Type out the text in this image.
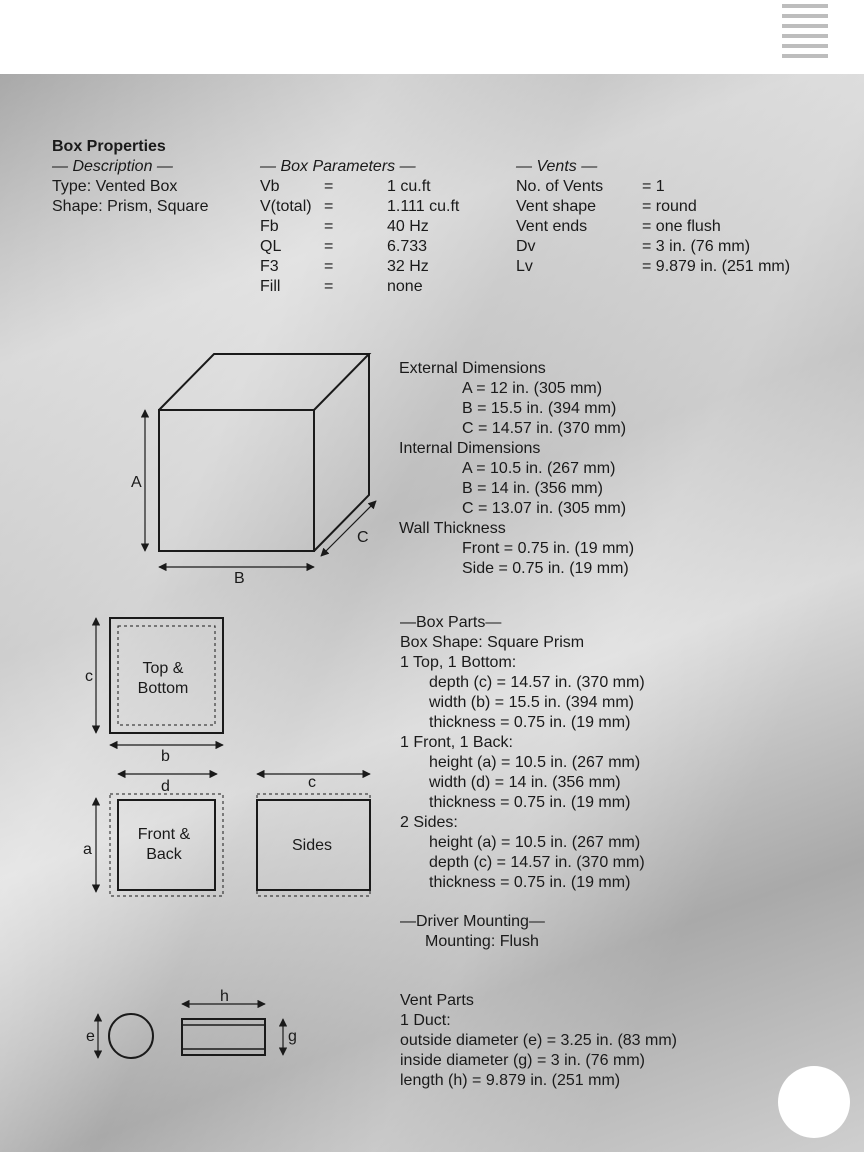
Box Properties
— Description —
Type: Vented Box
Shape: Prism, Square
— Box Parameters —
Vb	=	1 cu.ft
V(total) =	1.111 cu.ft
Fb	=	40 Hz
QL	=	6.733
F3	=	32 Hz
Fill	=	none
— Vents —
No. of Vents = 1
Vent shape	= round
Vent ends	= one flush
Dv	= 3 in. (76 mm)
Lv	= 9.879 in. (251 mm)
A
B
C
c
b
Top &
Bottom
d
a
Front &
Back
c
Sides
e
h
g
External Dimensions
A = 12 in. (305 mm)
B = 15.5 in. (394 mm)
C = 14.57 in. (370 mm)
Internal Dimensions
A = 10.5 in. (267 mm)
B = 14 in. (356 mm)
C = 13.07 in. (305 mm)
Wall Thickness
Front = 0.75 in. (19 mm)
Side = 0.75 in. (19 mm)
—Box Parts—
Box Shape: Square Prism
1 Top, 1 Bottom:
depth (c) = 14.57 in. (370 mm)
width (b) = 15.5 in. (394 mm)
thickness = 0.75 in. (19 mm)
1 Front, 1 Back:
height (a) = 10.5 in. (267 mm)
width (d) = 14 in. (356 mm)
thickness = 0.75 in. (19 mm)
2 Sides:
height (a) = 10.5 in. (267 mm)
depth (c) = 14.57 in. (370 mm)
thickness = 0.75 in. (19 mm)
—Driver Mounting—
Mounting: Flush
Vent Parts
1 Duct:
outside diameter (e) = 3.25 in. (83 mm)
inside diameter (g) = 3 in. (76 mm)
length (h) = 9.879 in. (251 mm)
